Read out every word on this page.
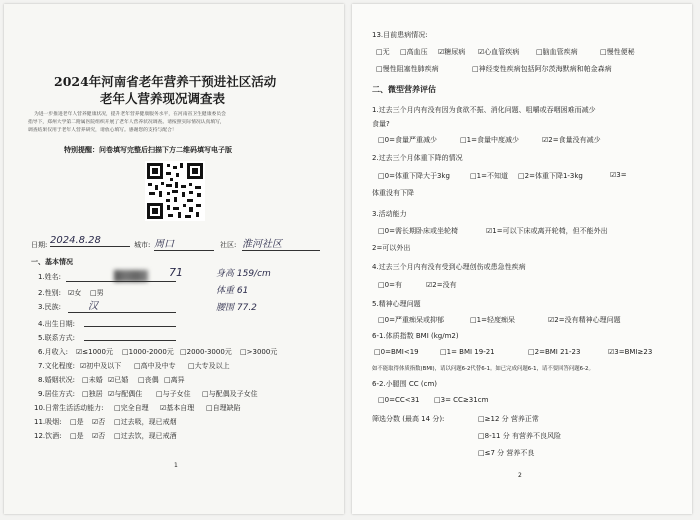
2024年河南省老年营养干预进社区活动
老年人营养现况调查表
为进一步推进老年人营养健康状况，提升老年营养健康服务水平，在河南省卫生健康委员会
指导下，郑州大学第二附属医院组织开展了老年人营养状况调查。请按照实际情况认真填写，
调查结果仅用于老年人营养研究，请放心填写。感谢您的支持与配合！
特别提醒：问卷填写完整后扫描下方二维码填写电子版
日期: 2024.8.28	城市: 周口	社区: 淮河社区
一、基本情况
1.姓名:	71	身高 159/cm
体重 61
腰围 77.2
2.性别: ☑女 □男
3.民族:	汉
4.出生日期:
5.联系方式:
6.月收入: ☑≤1000元 □1000-2000元 □2000-3000元 □>3000元
7.文化程度: ☑初中及以下 □高中及中专 □大专及以上
8.婚姻状况: □未婚 ☑已婚 □丧偶 □离异
9.居住方式: □独居 ☑与配偶住 □与子女住 □与配偶及子女住
10.日常生活活动能力: □完全自理 ☑基本自理 □自理缺陷
11.吸烟: □是 ☑否 □过去吸，现已戒烟
12.饮酒: □是 ☑否 □过去饮，现已戒酒
1
13.目前患病情况:
□无 □高血压 ☑糖尿病 ☑心血管疾病 □脑血管疾病	□慢性便秘
□慢性阻塞性肺疾病	□神经变性疾病包括阿尔茨海默病和帕金森病
二、微型营养评估
1.过去三个月内有没有因为食欲不振、消化问题、咀嚼或吞咽困难而减少
食量?
□0=食量严重减少	□1=食量中度减少	☑2=食量没有减少
2.过去三个月体重下降的情况
□0=体重下降大于3kg	□1=不知道 □2=体重下降1-3kg	☑3=
体重没有下降
3.活动能力
□0=需长期卧床或坐轮椅	☑1=可以下床或离开轮椅，但不能外出
2=可以外出
4.过去三个月内有没有受到心理创伤或患急性疾病
□0=有	☑2=没有
5.精神心理问题
□0=严重痴呆或抑郁	□1=轻度痴呆	☑2=没有精神心理问题
6-1.体质指数 BMI (kg/m2)
□0=BMI<19	□1= BMI 19-21	□2=BMI 21-23	☑3=BMI≥23
如不能取得体质指数(BMI)，请以问题6-2代替6-1。如已完成问题6-1，请不要回答问题6-2。
6-2.小腿围 CC (cm)
□0=CC<31 □3= CC≥31cm
筛选分数 (最高 14 分):	□≥12 分 营养正常
□8-11 分 有营养不良风险
□≤7 分 营养不良
2
